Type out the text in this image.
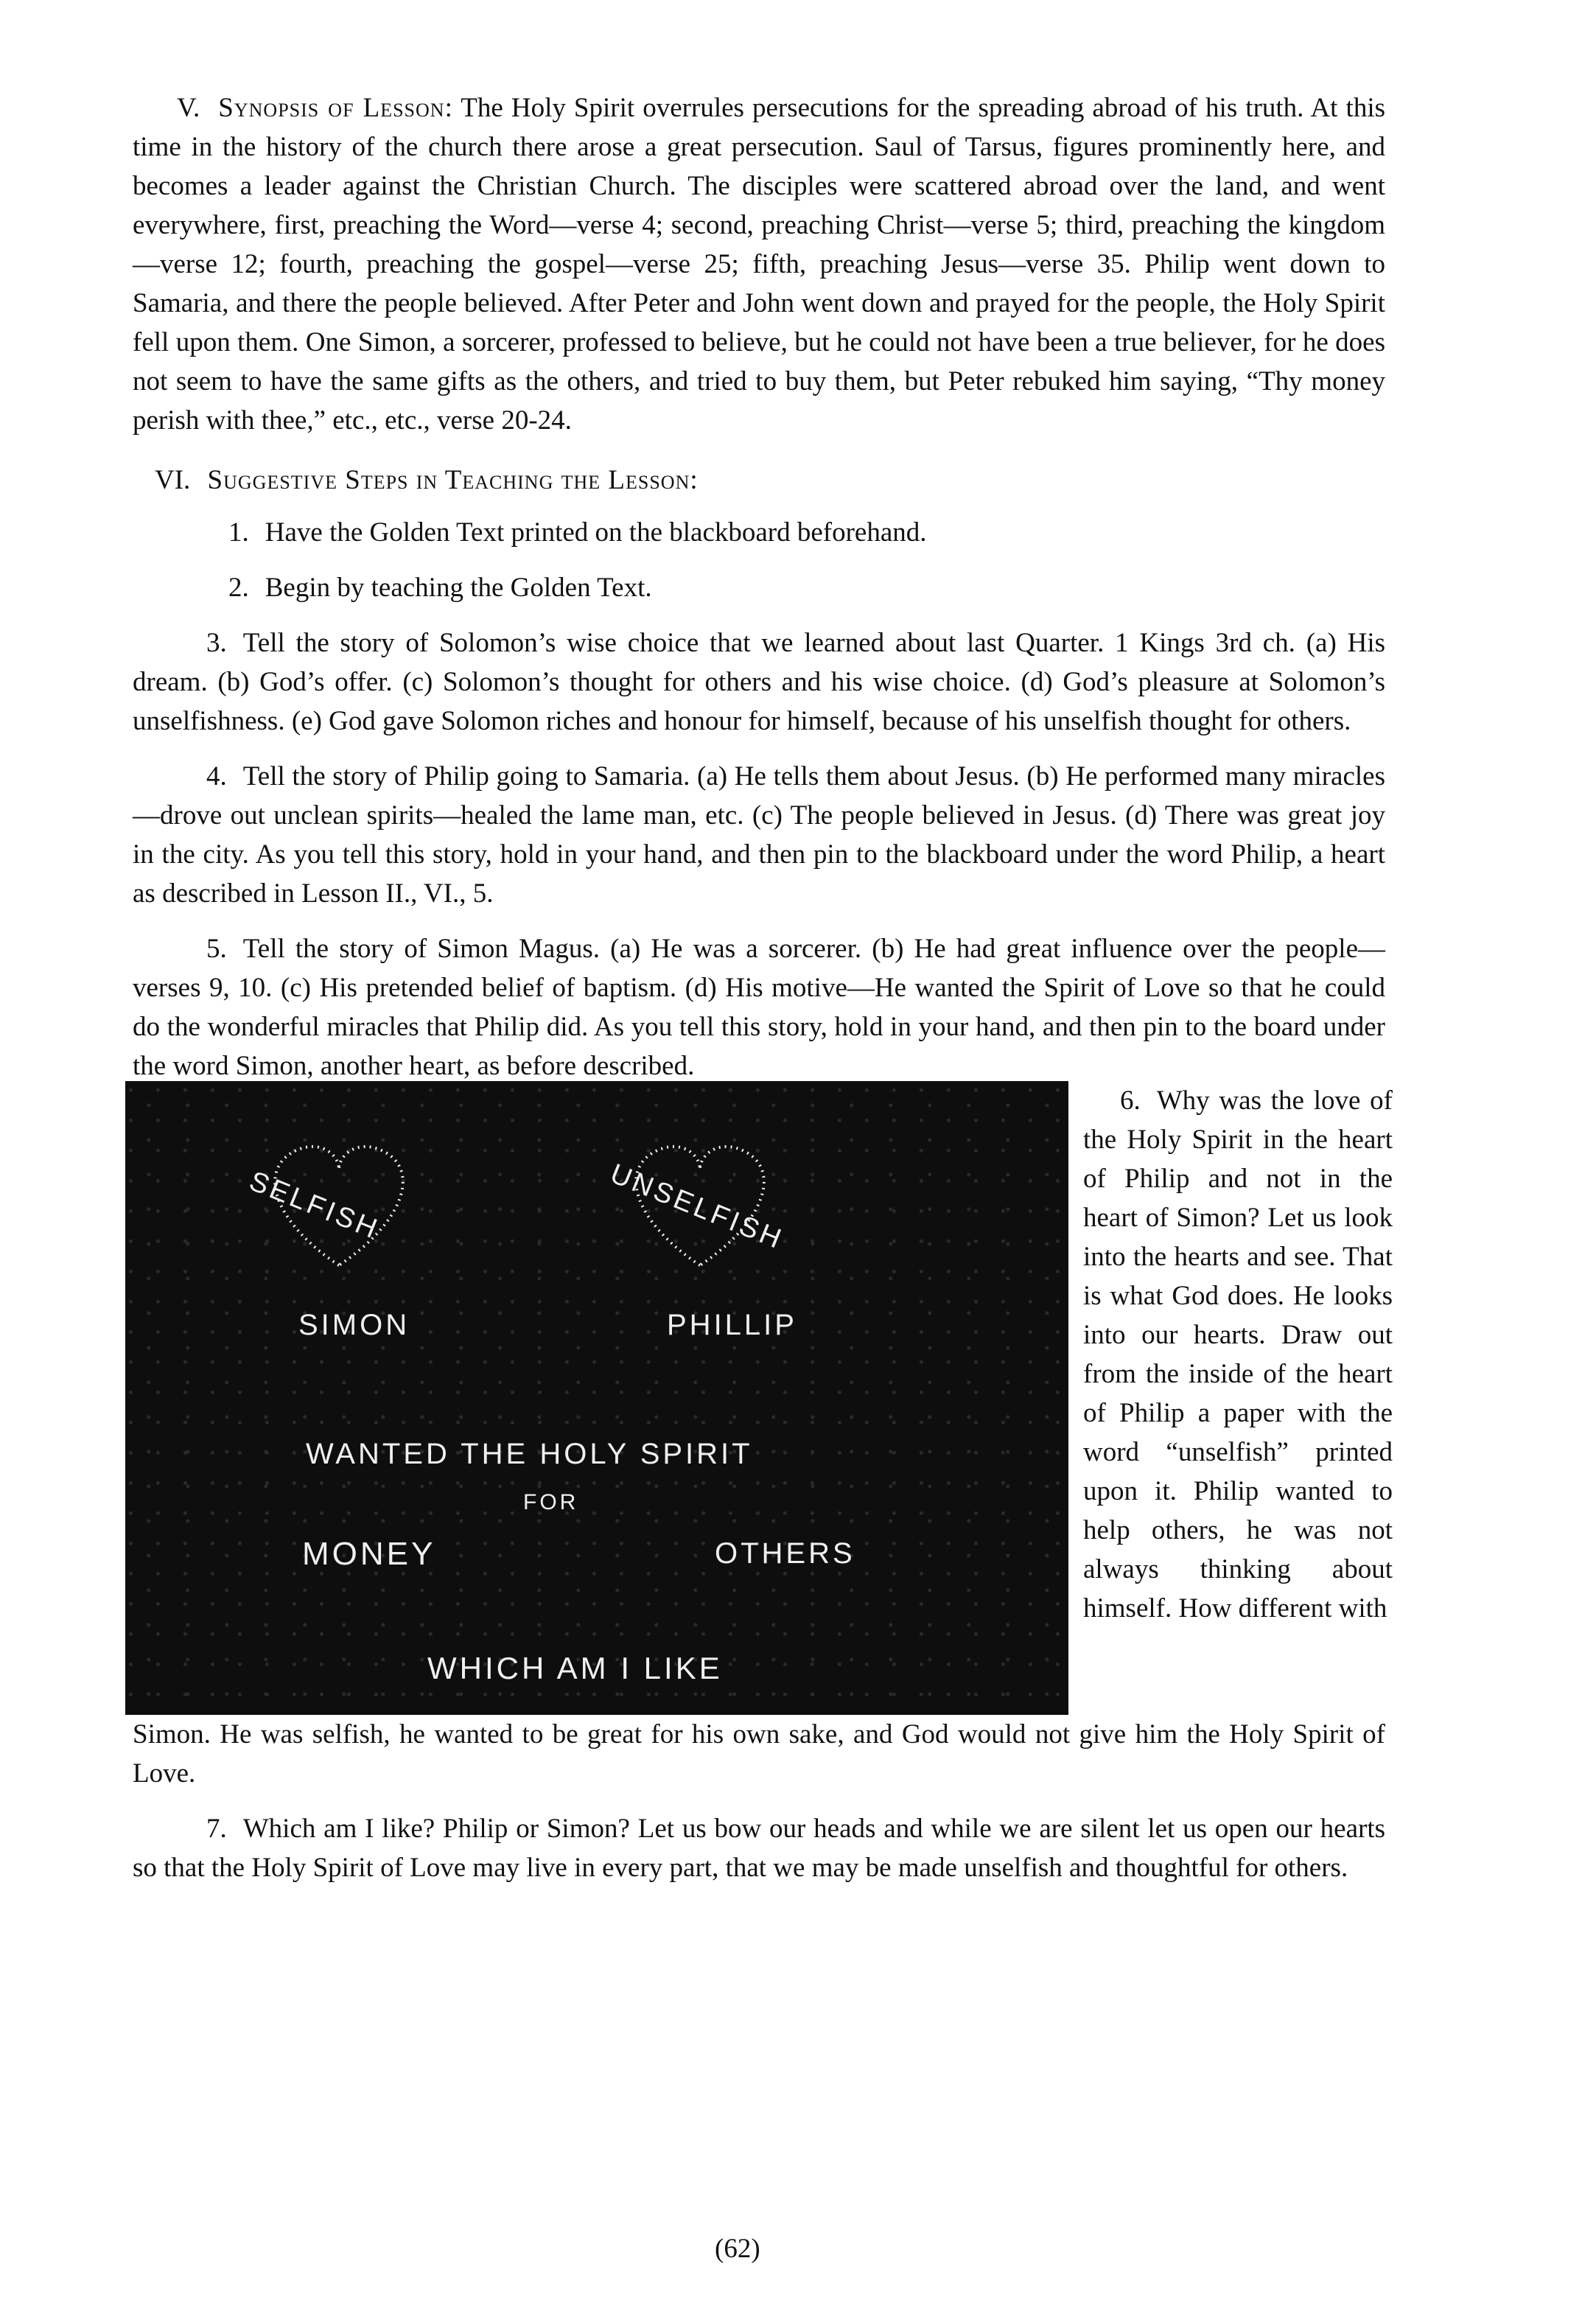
V. Synopsis of Lesson: The Holy Spirit overrules persecutions for the spreading abroad of his truth. At this time in the history of the church there arose a great persecution. Saul of Tarsus, figures prominently here, and becomes a leader against the Christian Church. The disciples were scattered abroad over the land, and went everywhere, first, preaching the Word—verse 4; second, preaching Christ—verse 5; third, preaching the kingdom—verse 12; fourth, preaching the gospel—verse 25; fifth, preaching Jesus—verse 35. Philip went down to Samaria, and there the people believed. After Peter and John went down and prayed for the people, the Holy Spirit fell upon them. One Simon, a sorcerer, professed to believe, but he could not have been a true believer, for he does not seem to have the same gifts as the others, and tried to buy them, but Peter rebuked him saying, “Thy money perish with thee,” etc., etc., verse 20-24.

VI. Suggestive Steps in Teaching the Lesson:

1. Have the Golden Text printed on the blackboard beforehand.

2. Begin by teaching the Golden Text.

3. Tell the story of Solomon’s wise choice that we learned about last Quarter. 1 Kings 3rd ch. (a) His dream. (b) God’s offer. (c) Solomon’s thought for others and his wise choice. (d) God’s pleasure at Solomon’s unselfishness. (e) God gave Solomon riches and honour for himself, because of his unselfish thought for others.

4. Tell the story of Philip going to Samaria. (a) He tells them about Jesus. (b) He performed many miracles—drove out unclean spirits—healed the lame man, etc. (c) The people believed in Jesus. (d) There was great joy in the city. As you tell this story, hold in your hand, and then pin to the blackboard under the word Philip, a heart as described in Lesson II., VI., 5.

5. Tell the story of Simon Magus. (a) He was a sorcerer. (b) He had great influence over the people—verses 9, 10. (c) His pretended belief of baptism. (d) His motive—He wanted the Spirit of Love so that he could do the wonderful miracles that Philip did. As you tell this story, hold in your hand, and then pin to the board under the word Simon, another heart, as before described.

SELFISH	UNSELFISH
SIMON	PHILLIP
WANTED THE HOLY SPIRIT
FOR
MONEY	OTHERS
WHICH AM I LIKE
6. Why was the love of the Holy Spirit in the heart of Philip and not in the heart of Simon? Let us look into the hearts and see. That is what God does. He looks into our hearts. Draw out from the inside of the heart of Philip a paper with the word “unselfish” printed upon it. Philip wanted to help others, he was not always thinking about himself. How different with

Simon. He was selfish, he wanted to be great for his own sake, and God would not give him the Holy Spirit of Love.

7. Which am I like? Philip or Simon? Let us bow our heads and while we are silent let us open our hearts so that the Holy Spirit of Love may live in every part, that we may be made unselfish and thoughtful for others.

(62)
